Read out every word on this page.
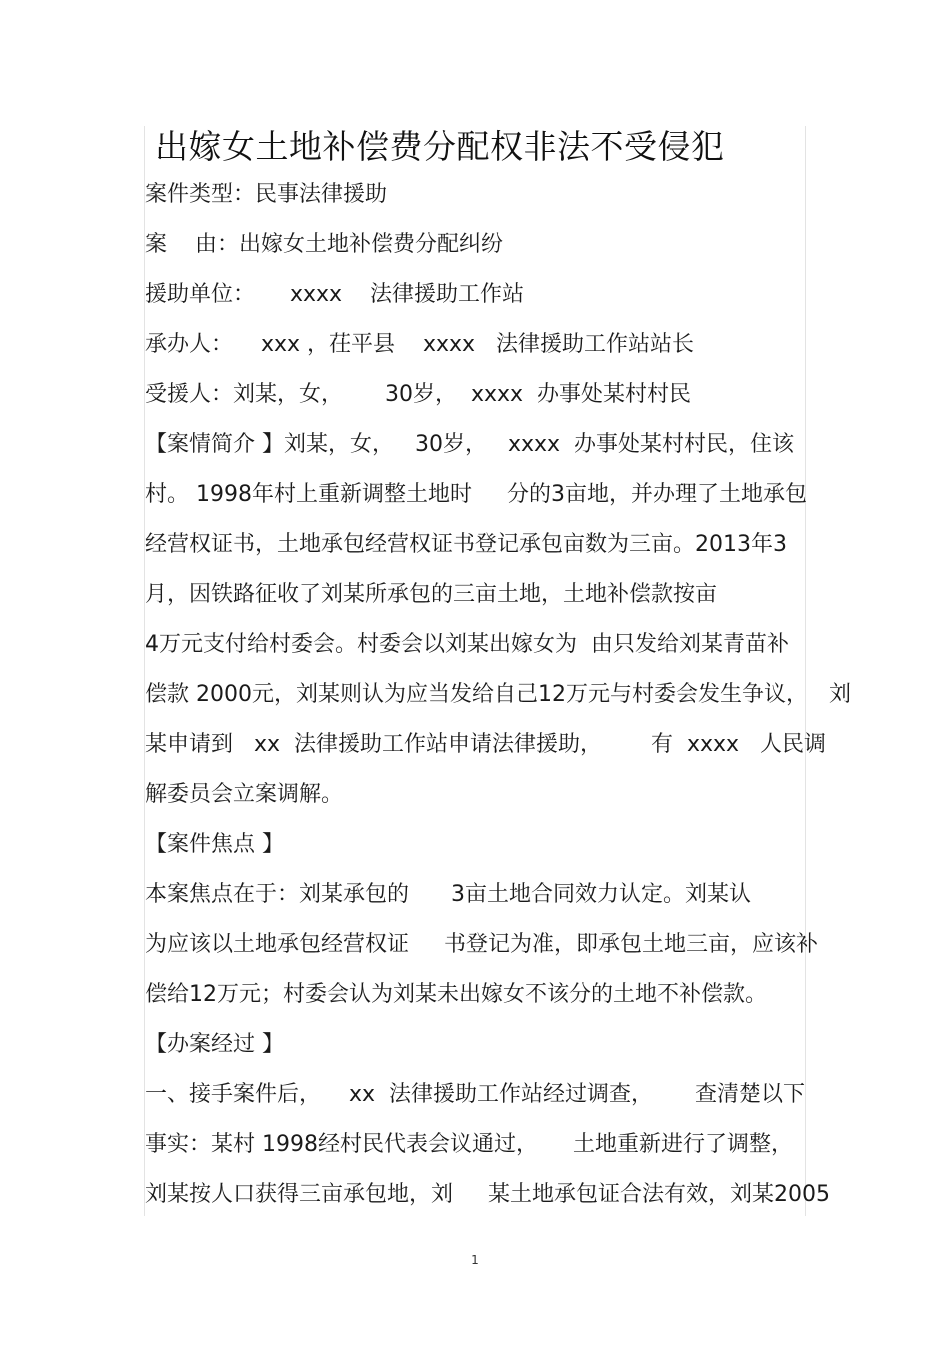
出嫁女土地补偿费分配权非法不受侵犯
案件类型：民事法律援助
案    由：出嫁女土地补偿费分配纠纷
援助单位：     xxxx    法律援助工作站
承办人：    xxx ，茌平县    xxxx   法律援助工作站站长
受援人：刘某，女，      30岁，  xxxx  办事处某村村民
【案情简介 】刘某，女，   30岁，   xxxx  办事处某村村民，住该
村。 1998年村上重新调整土地时     分的3亩地，并办理了土地承包
经营权证书，土地承包经营权证书登记承包亩数为三亩。2013年3
月，因铁路征收了刘某所承包的三亩土地，土地补偿款按亩
4万元支付给村委会。村委会以刘某出嫁女为  由只发给刘某青苗补
偿款 2000元，刘某则认为应当发给自己12万元与村委会发生争议，   刘
某申请到   xx  法律援助工作站申请法律援助，       有  xxxx   人民调
解委员会立案调解。
【案件焦点 】
本案焦点在于：刘某承包的      3亩土地合同效力认定。刘某认
为应该以土地承包经营权证     书登记为准，即承包土地三亩，应该补
偿给12万元；村委会认为刘某未出嫁女不该分的土地不补偿款。
【办案经过 】
一、接手案件后，    xx  法律援助工作站经过调查，      查清楚以下
事实：某村 1998经村民代表会议通过，     土地重新进行了调整，
刘某按人口获得三亩承包地，刘     某土地承包证合法有效，刘某2005
1
